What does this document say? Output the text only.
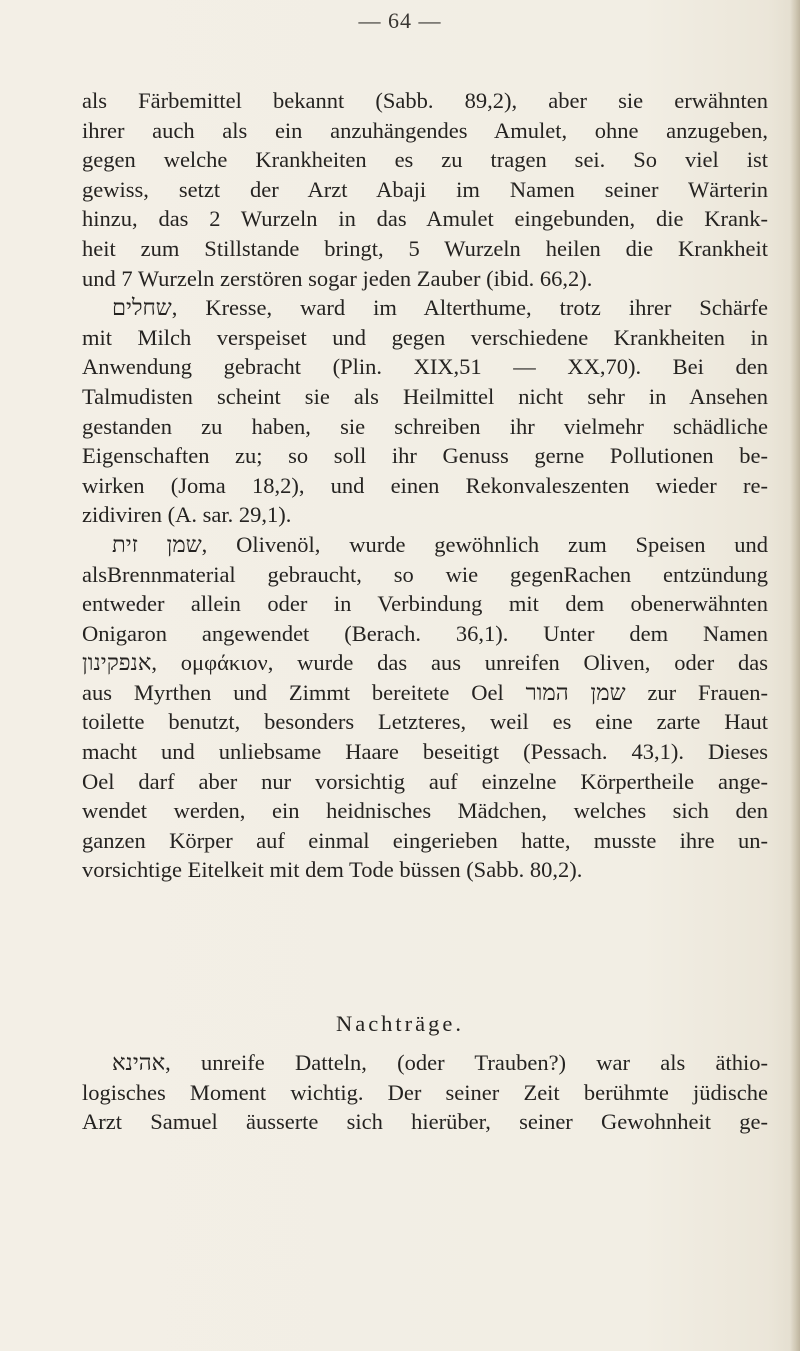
— 64 —
als Färbemittel bekannt (Sabb. 89,2), aber sie erwähnten
ihrer auch als ein anzuhängendes Amulet, ohne anzugeben,
gegen welche Krankheiten es zu tragen sei. So viel ist
gewiss, setzt der Arzt Abaji im Namen seiner Wärterin
hinzu, das 2 Wurzeln in das Amulet eingebunden, die Krank-
heit zum Stillstande bringt, 5 Wurzeln heilen die Krankheit
und 7 Wurzeln zerstören sogar jeden Zauber (ibid. 66,2).
שחלים, Kresse, ward im Alterthume, trotz ihrer Schärfe
mit Milch verspeiset und gegen verschiedene Krankheiten in
Anwendung gebracht (Plin. XIX,51 — XX,70). Bei den
Talmudisten scheint sie als Heilmittel nicht sehr in Ansehen
gestanden zu haben, sie schreiben ihr vielmehr schädliche
Eigenschaften zu; so soll ihr Genuss gerne Pollutionen be-
wirken (Joma 18,2), und einen Rekonvaleszenten wieder re-
zidiviren (A. sar. 29,1).
שמן זית, Olivenöl, wurde gewöhnlich zum Speisen und
alsBrennmaterial gebraucht, so wie gegenRachen entzündung
entweder allein oder in Verbindung mit dem obenerwähnten
Onigaron angewendet (Berach. 36,1). Unter dem Namen
אנפקינון, ομφάκιον, wurde das aus unreifen Oliven, oder das
aus Myrthen und Zimmt bereitete Oel שמן המור zur Frauen-
toilette benutzt, besonders Letzteres, weil es eine zarte Haut
macht und unliebsame Haare beseitigt (Pessach. 43,1). Dieses
Oel darf aber nur vorsichtig auf einzelne Körpertheile ange-
wendet werden, ein heidnisches Mädchen, welches sich den
ganzen Körper auf einmal eingerieben hatte, musste ihre un-
vorsichtige Eitelkeit mit dem Tode büssen (Sabb. 80,2).
Nachträge.
אהינא, unreife Datteln, (oder Trauben?) war als äthio-
logisches Moment wichtig. Der seiner Zeit berühmte jüdische
Arzt Samuel äusserte sich hierüber, seiner Gewohnheit ge-
